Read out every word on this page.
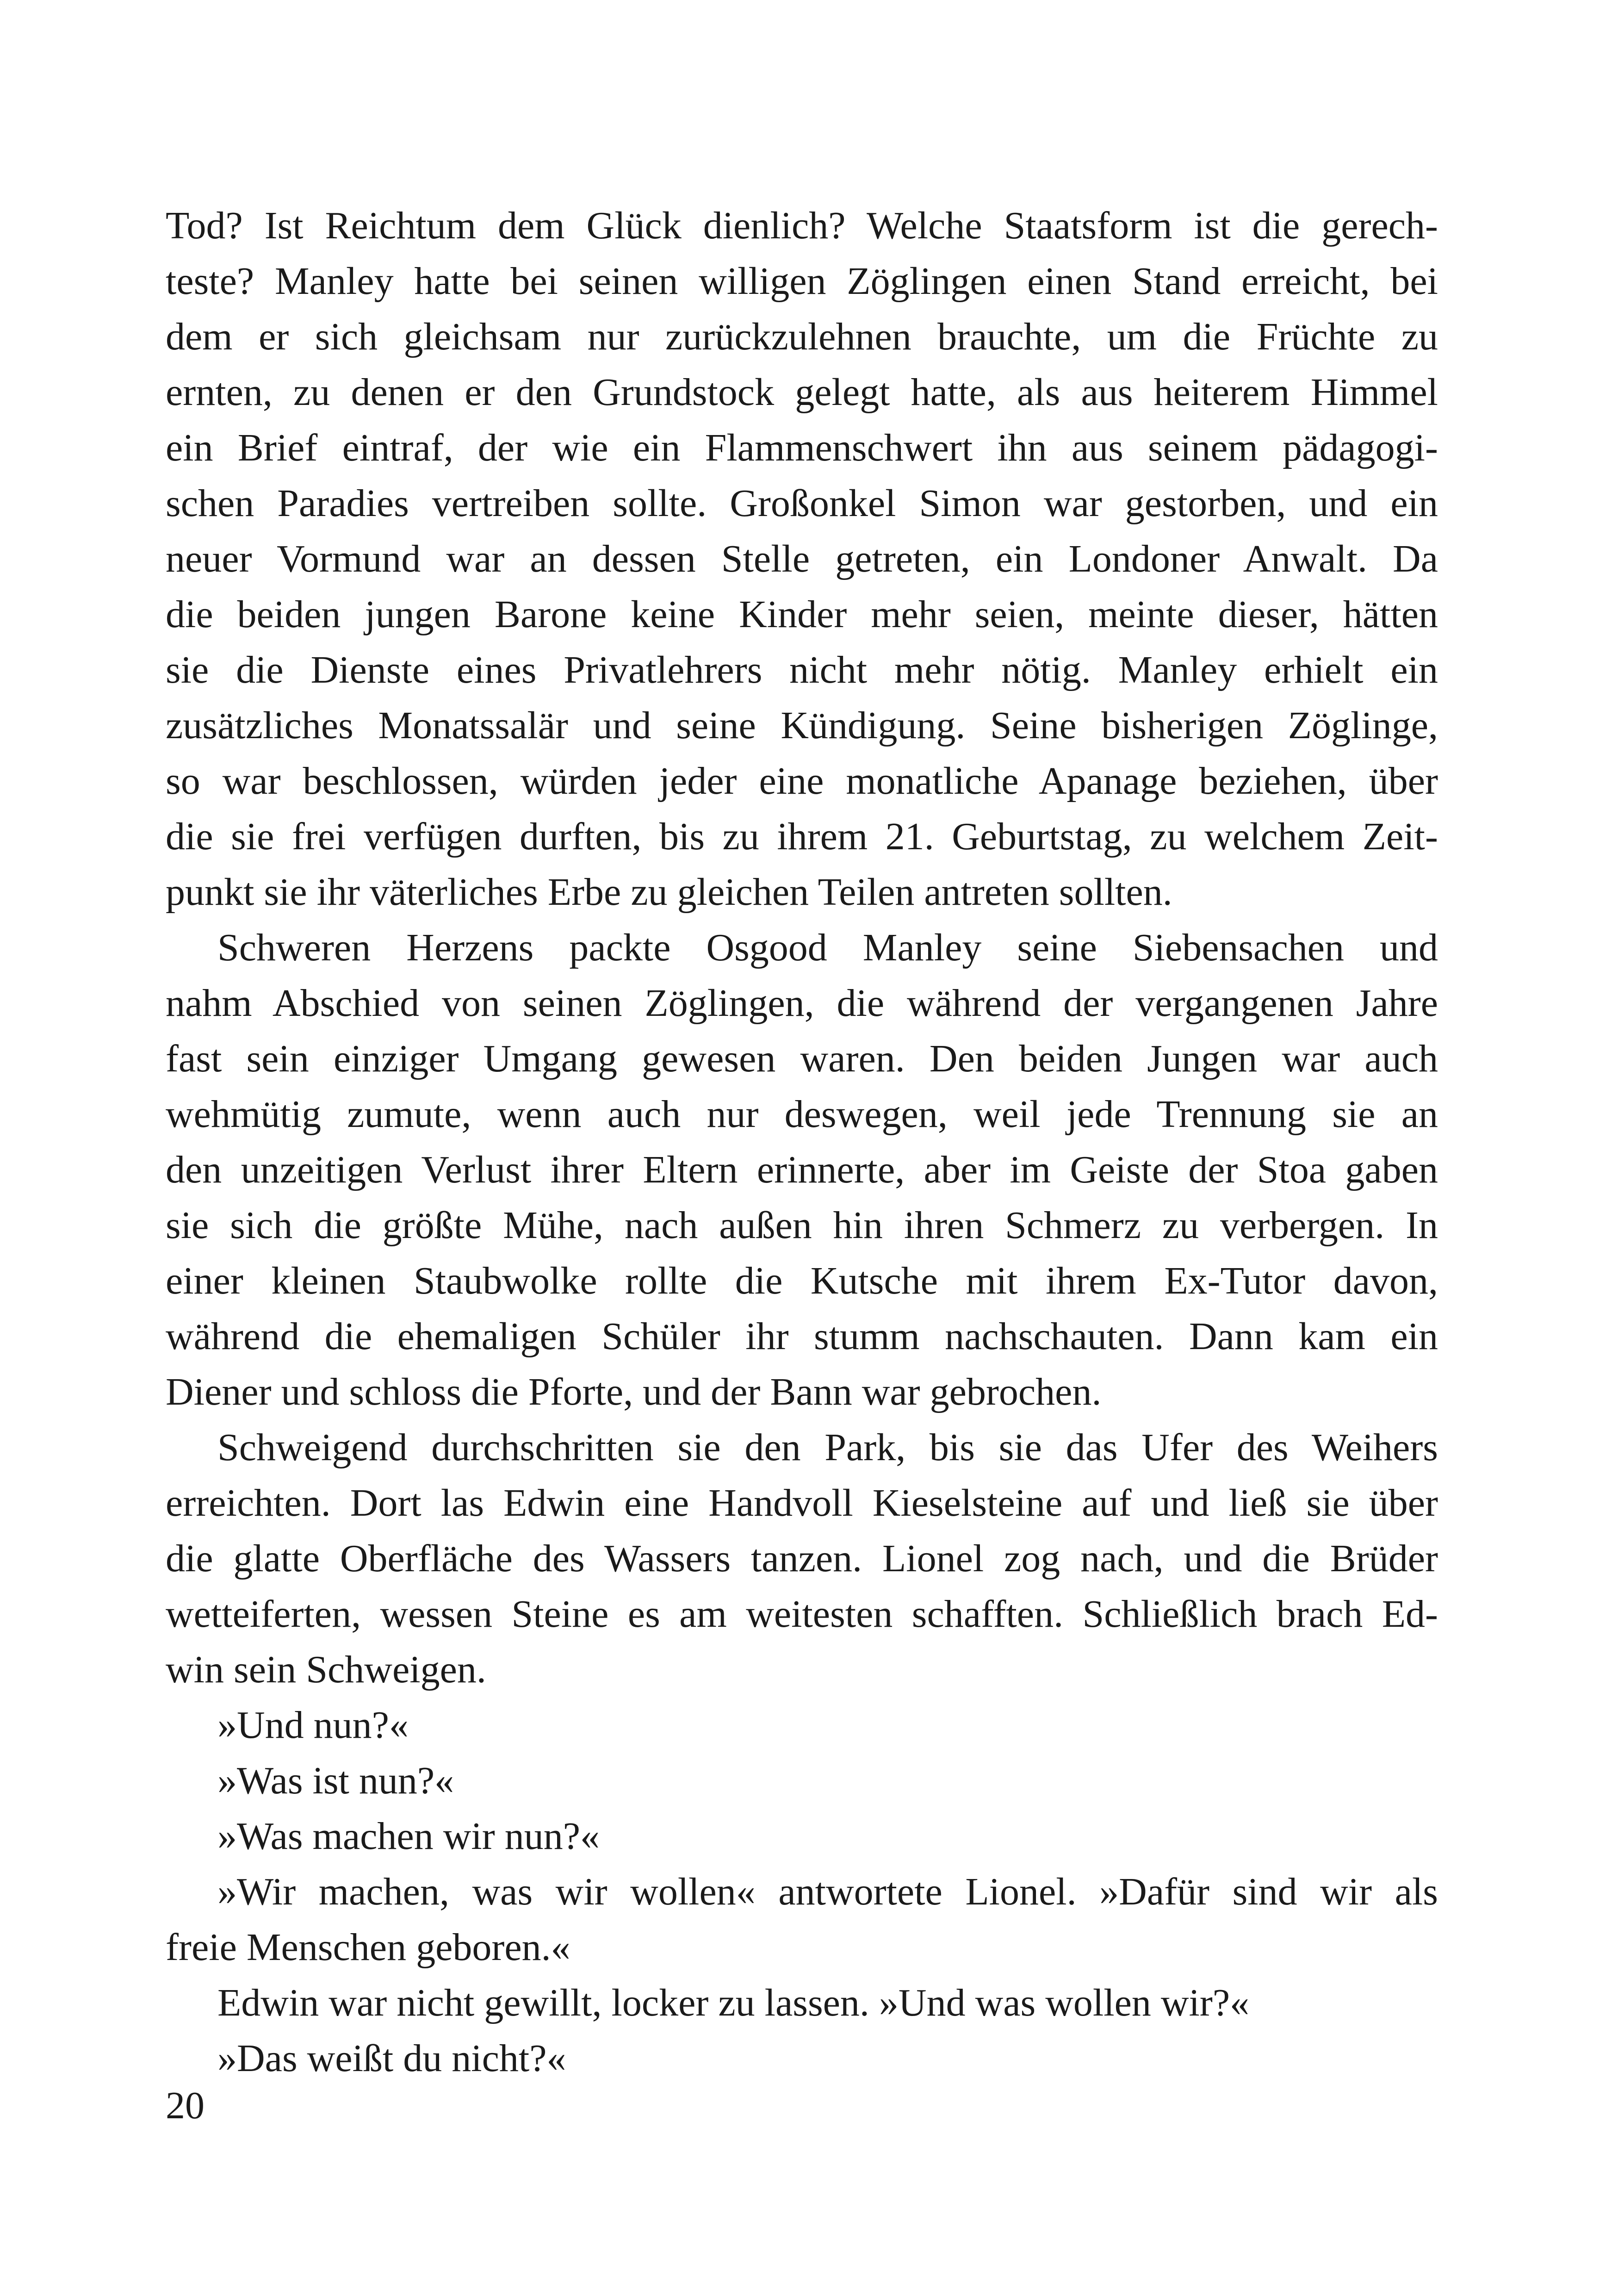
Tod? Ist Reichtum dem Glück dienlich? Welche Staatsform ist die gerech-
teste? Manley hatte bei seinen willigen Zöglingen einen Stand erreicht, bei
dem er sich gleichsam nur zurückzulehnen brauchte, um die Früchte zu
ernten, zu denen er den Grundstock gelegt hatte, als aus heiterem Himmel
ein Brief eintraf, der wie ein Flammenschwert ihn aus seinem pädagogi-
schen Paradies vertreiben sollte. Großonkel Simon war gestorben, und ein
neuer Vormund war an dessen Stelle getreten, ein Londoner Anwalt. Da
die beiden jungen Barone keine Kinder mehr seien, meinte dieser, hätten
sie die Dienste eines Privatlehrers nicht mehr nötig. Manley erhielt ein
zusätzliches Monatssalär und seine Kündigung. Seine bisherigen Zöglinge,
so war beschlossen, würden jeder eine monatliche Apanage beziehen, über
die sie frei verfügen durften, bis zu ihrem 21. Geburtstag, zu welchem Zeit-
punkt sie ihr väterliches Erbe zu gleichen Teilen antreten sollten.
Schweren Herzens packte Osgood Manley seine Siebensachen und
nahm Abschied von seinen Zöglingen, die während der vergangenen Jahre
fast sein einziger Umgang gewesen waren. Den beiden Jungen war auch
wehmütig zumute, wenn auch nur deswegen, weil jede Trennung sie an
den unzeitigen Verlust ihrer Eltern erinnerte, aber im Geiste der Stoa gaben
sie sich die größte Mühe, nach außen hin ihren Schmerz zu verbergen. In
einer kleinen Staubwolke rollte die Kutsche mit ihrem Ex-Tutor davon,
während die ehemaligen Schüler ihr stumm nachschauten. Dann kam ein
Diener und schloss die Pforte, und der Bann war gebrochen.
Schweigend durchschritten sie den Park, bis sie das Ufer des Weihers
erreichten. Dort las Edwin eine Handvoll Kieselsteine auf und ließ sie über
die glatte Oberfläche des Wassers tanzen. Lionel zog nach, und die Brüder
wetteiferten, wessen Steine es am weitesten schafften. Schließlich brach Ed-
win sein Schweigen.
»Und nun?«
»Was ist nun?«
»Was machen wir nun?«
»Wir machen, was wir wollen« antwortete Lionel. »Dafür sind wir als
freie Menschen geboren.«
Edwin war nicht gewillt, locker zu lassen. »Und was wollen wir?«
»Das weißt du nicht?«
20
